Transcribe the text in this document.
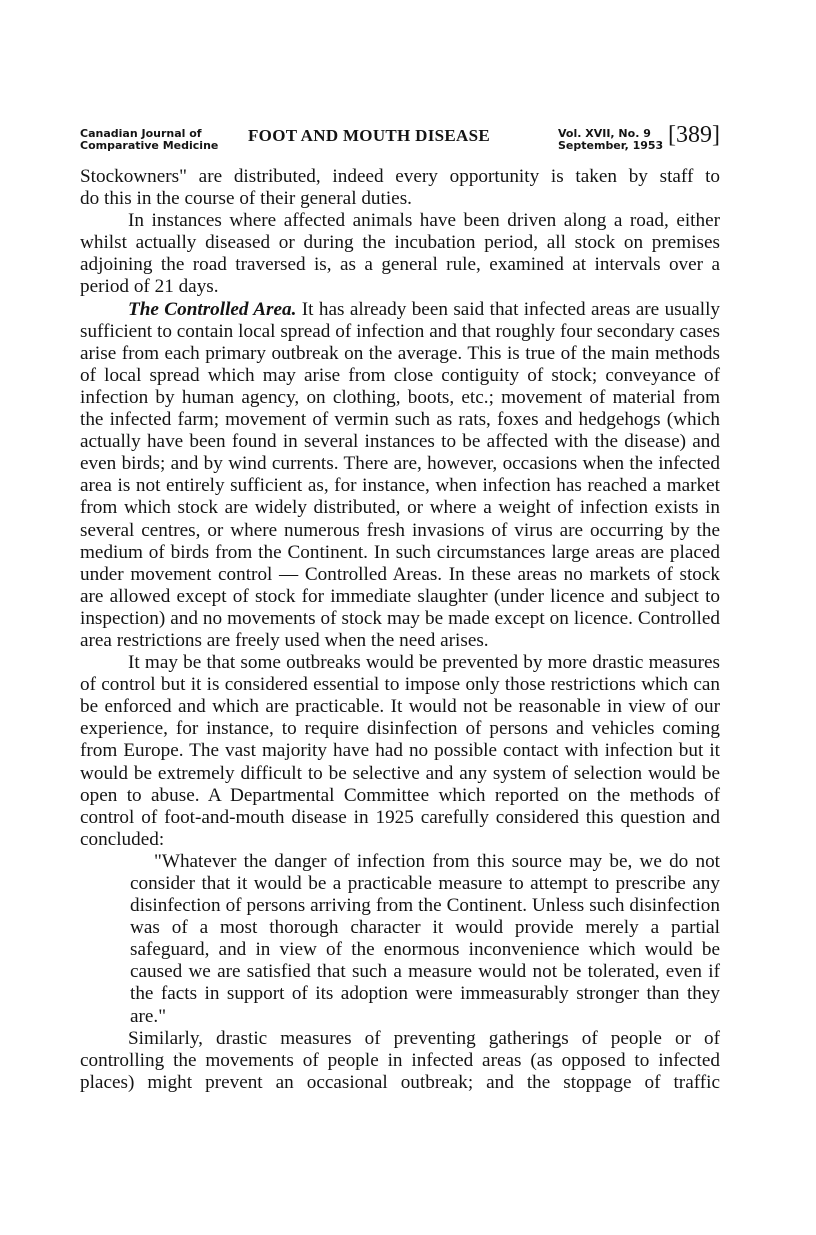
Canadian Journal of
Comparative Medicine
FOOT AND MOUTH DISEASE	Vol. XVII, No. 9
September, 1953 [389]

Stockowners" are distributed, indeed every opportunity is taken by staff to
do this in the course of their general duties.

In instances where affected animals have been driven along a road, either whilst actually diseased or during the incubation period, all stock on premises adjoining the road traversed is, as a general rule, examined at intervals over a period of 21 days.

The Controlled Area. It has already been said that infected areas are usually sufficient to contain local spread of infection and that roughly four secondary cases arise from each primary outbreak on the average. This is true of the main methods of local spread which may arise from close contiguity of stock; conveyance of infection by human agency, on clothing, boots, etc.; movement of material from the infected farm; movement of vermin such as rats, foxes and hedgehogs (which actually have been found in several instances to be affected with the disease) and even birds; and by wind currents. There are, however, occasions when the infected area is not entirely sufficient as, for instance, when infection has reached a market from which stock are widely distributed, or where a weight of infection exists in several centres, or where numerous fresh invasions of virus are occurring by the medium of birds from the Continent. In such circumstances large areas are placed under movement control — Controlled Areas. In these areas no markets of stock are allowed except of stock for immediate slaughter (under licence and subject to inspection) and no movements of stock may be made except on licence. Controlled area restrictions are freely used when the need arises.

It may be that some outbreaks would be prevented by more drastic measures of control but it is considered essential to impose only those restrictions which can be enforced and which are practicable. It would not be reasonable in view of our experience, for instance, to require disinfection of persons and vehicles coming from Europe. The vast majority have had no possible contact with infection but it would be extremely difficult to be selective and any system of selection would be open to abuse. A Departmental Committee which reported on the methods of control of foot-and-mouth disease in 1925 carefully considered this question and concluded:

"Whatever the danger of infection from this source may be, we do not consider that it would be a practicable measure to attempt to prescribe any disinfection of persons arriving from the Continent. Unless such disinfection was of a most thorough character it would provide merely a partial safeguard, and in view of the enormous inconvenience which would be caused we are satisfied that such a measure would not be tolerated, even if the facts in support of its adoption were immeasurably stronger than they are."

Similarly, drastic measures of preventing gatherings of people or of controlling the movements of people in infected areas (as opposed to infected places) might prevent an occasional outbreak; and the stoppage of traffic
